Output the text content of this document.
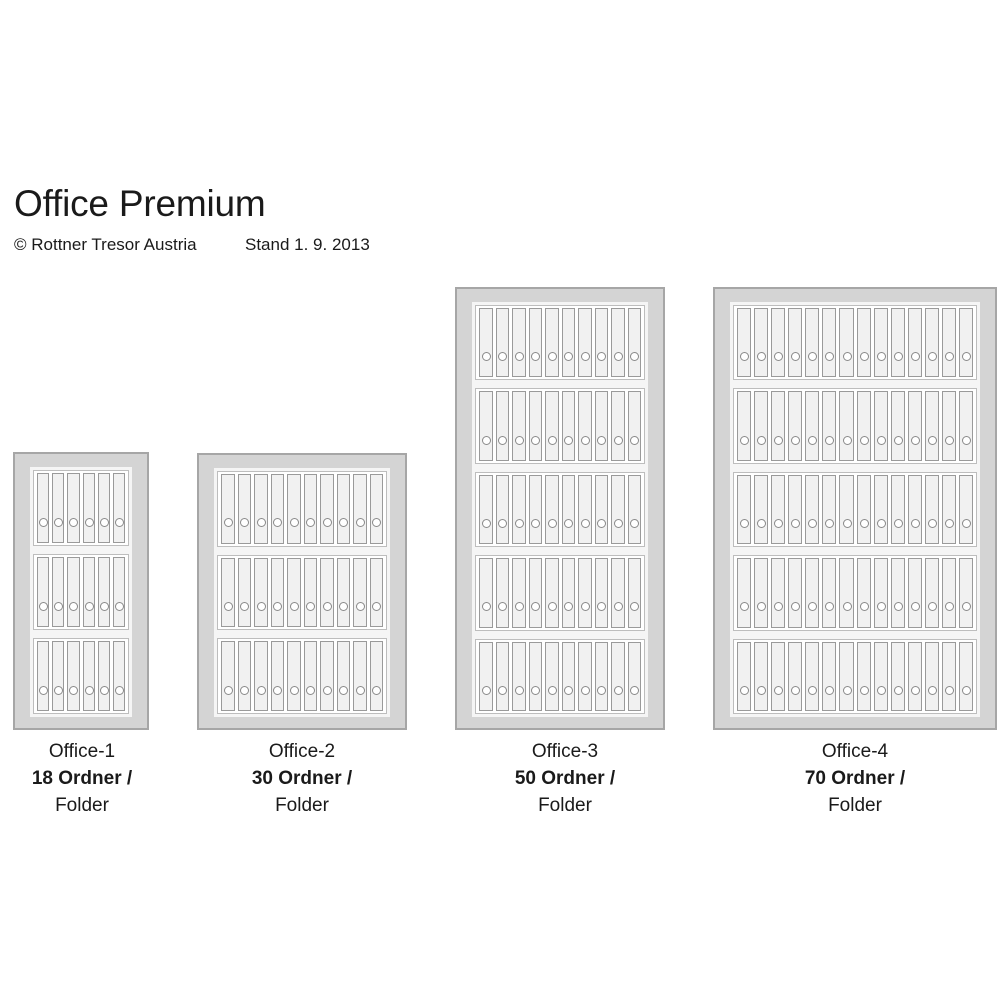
Office Premium
© Rottner Tresor Austria	Stand 1. 9. 2013
Office-1
18 Ordner /
Folder
Office-2
30 Ordner /
Folder
Office-3
50 Ordner /
Folder
Office-4
70 Ordner /
Folder
